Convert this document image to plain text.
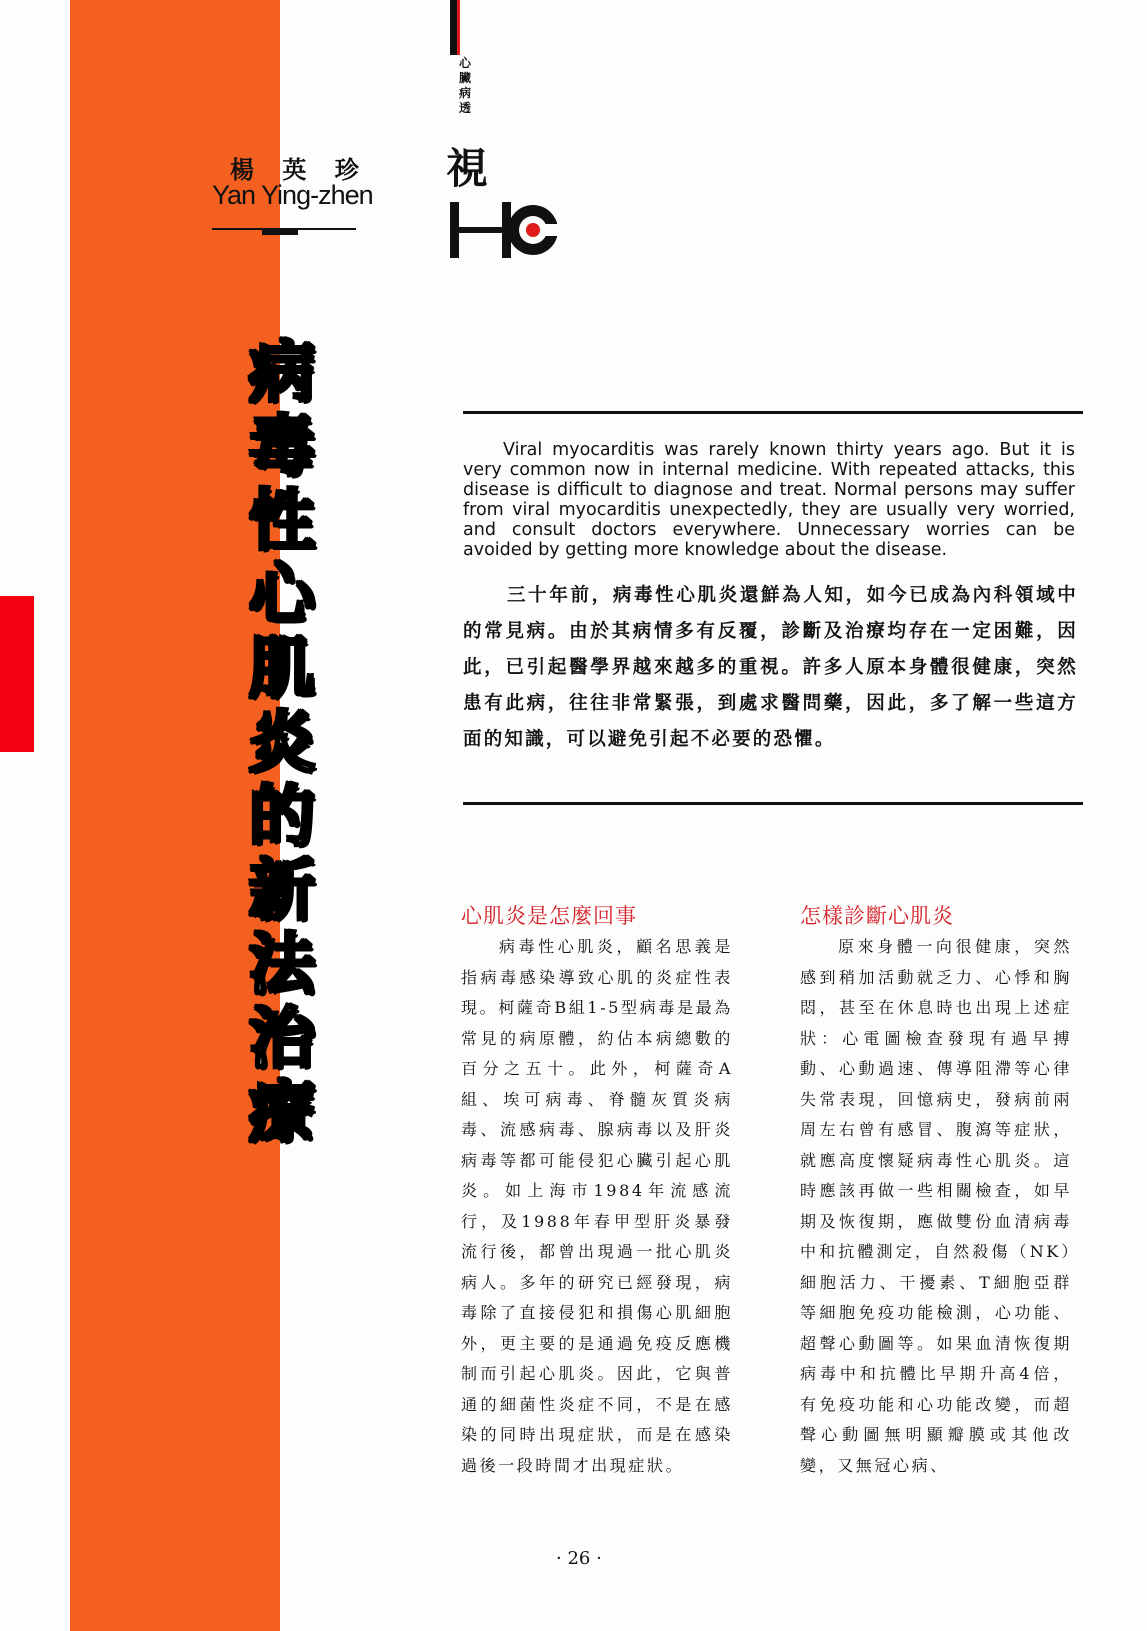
楊 英 珍
Yan Ying-zhen
心臟病透
視
病毒性心肌炎的新法治療
Viral myocarditis was rarely known thirty years ago. But it is very common now in internal medicine. With repeated attacks, this disease is difficult to diagnose and treat. Normal persons may suffer from viral myocarditis unexpectedly, they are usually very worried, and consult doctors everywhere. Unnecessary worries can be avoided by getting more knowledge about the disease.
三十年前，病毒性心肌炎還鮮為人知，如今已成為內科領域中的常見病。由於其病情多有反覆，診斷及治療均存在一定困難，因此，已引起醫學界越來越多的重視。許多人原本身體很健康，突然患有此病，往往非常緊張，到處求醫問藥，因此，多了解一些這方面的知識，可以避免引起不必要的恐懼。
心肌炎是怎麼回事
病毒性心肌炎，顧名思義是指病毒感染導致心肌的炎症性表現。柯薩奇B組1-5型病毒是最為常見的病原體，約佔本病總數的百分之五十。此外，柯薩奇A組、埃可病毒、脊髓灰質炎病毒、流感病毒、腺病毒以及肝炎病毒等都可能侵犯心臟引起心肌炎。如上海市1984年流感流行，及1988年春甲型肝炎暴發流行後，都曾出現過一批心肌炎病人。多年的研究已經發現，病毒除了直接侵犯和損傷心肌細胞外，更主要的是通過免疫反應機制而引起心肌炎。因此，它與普通的細菌性炎症不同，不是在感染的同時出現症狀，而是在感染過後一段時間才出現症狀。
怎樣診斷心肌炎
原來身體一向很健康，突然感到稍加活動就乏力、心悸和胸悶，甚至在休息時也出現上述症狀：心電圖檢查發現有過早搏動、心動過速、傳導阻滯等心律失常表現，回憶病史，發病前兩周左右曾有感冒、腹瀉等症狀，就應高度懷疑病毒性心肌炎。這時應該再做一些相關檢查，如早期及恢復期，應做雙份血清病毒中和抗體測定，自然殺傷（NK）細胞活力、干擾素、T細胞亞群等細胞免疫功能檢測，心功能、超聲心動圖等。如果血清恢復期病毒中和抗體比早期升高4倍，有免疫功能和心功能改變，而超聲心動圖無明顯瓣膜或其他改變，又無冠心病、
· 26 ·
